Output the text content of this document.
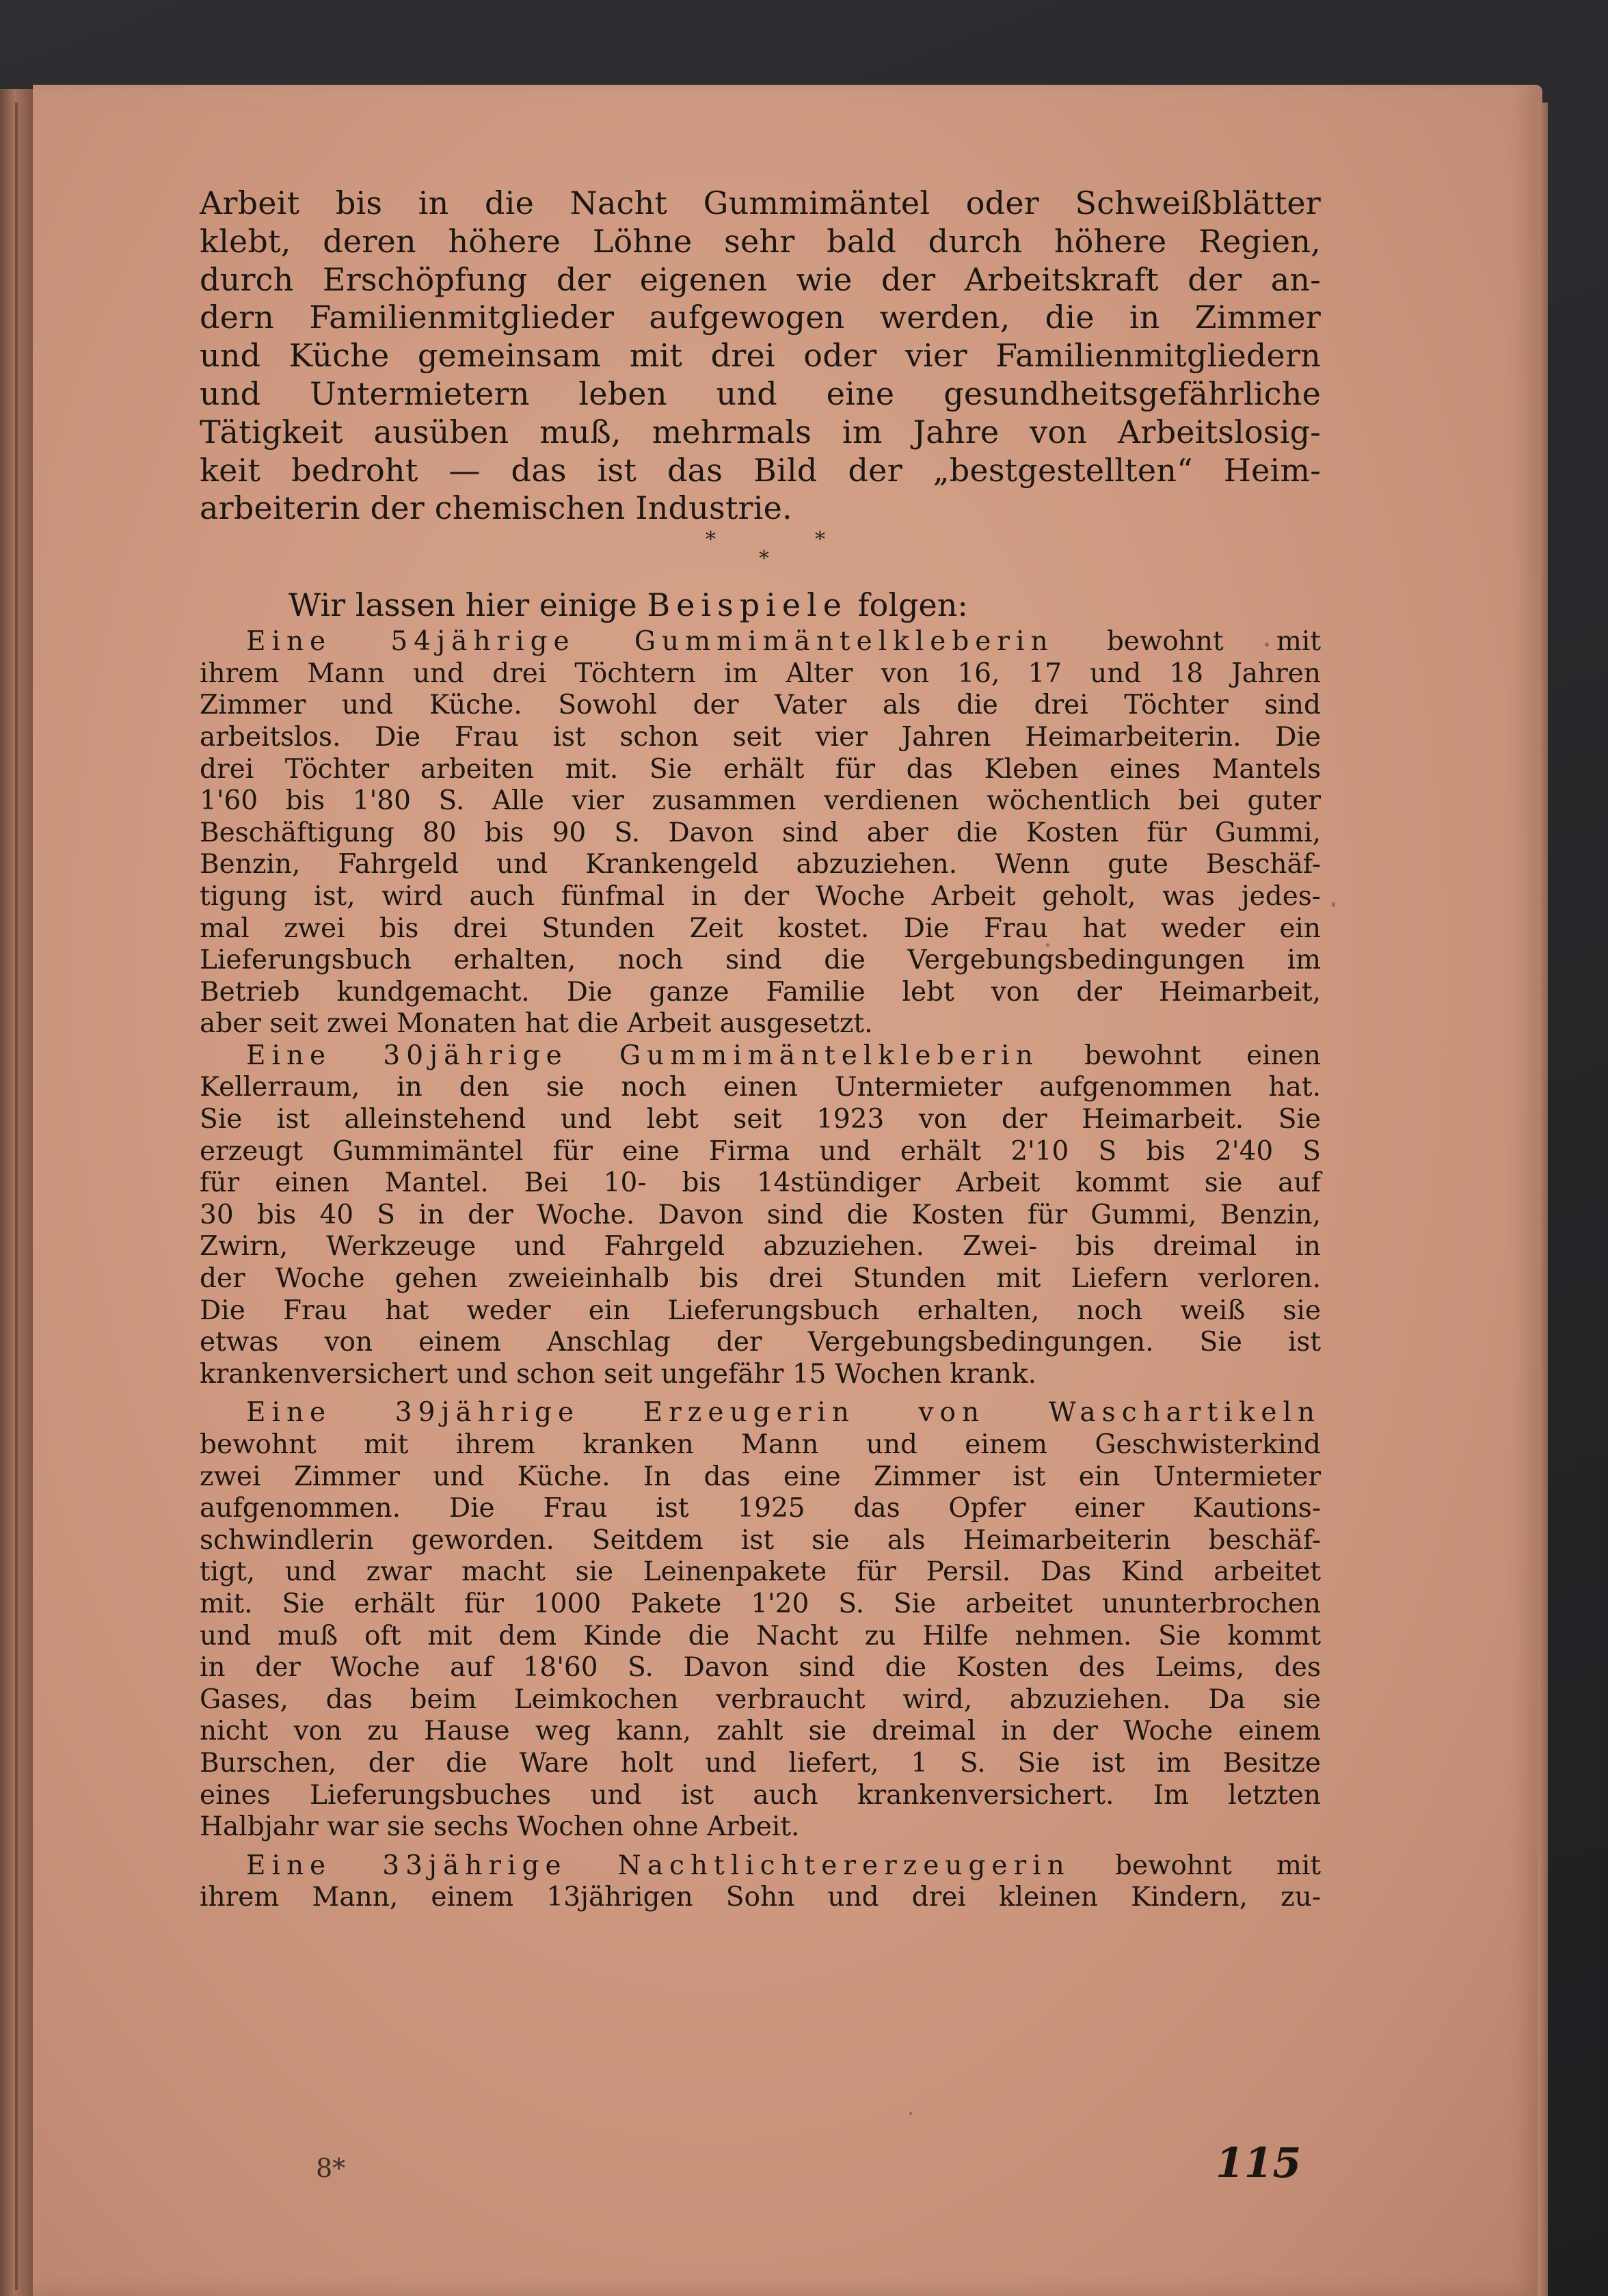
Arbeit bis in die Nacht Gummimäntel oder Schweißblätter

klebt, deren höhere Löhne sehr bald durch höhere Regien,

durch Erschöpfung der eigenen wie der Arbeitskraft der an-

dern Familienmitglieder aufgewogen werden, die in Zimmer

und Küche gemeinsam mit drei oder vier Familienmitgliedern

und Untermietern leben und eine gesundheitsgefährliche

Tätigkeit ausüben muß, mehrmals im Jahre von Arbeitslosig-

keit bedroht — das ist das Bild der „bestgestellten“ Heim-

arbeiterin der chemischen Industrie.

*	*
*

Wir lassen hier einige Beispiele folgen:

Eine 54jährige Gummimäntelkleberin bewohnt mit

ihrem Mann und drei Töchtern im Alter von 16, 17 und 18 Jahren

Zimmer und Küche. Sowohl der Vater als die drei Töchter sind

arbeitslos. Die Frau ist schon seit vier Jahren Heimarbeiterin. Die

drei Töchter arbeiten mit. Sie erhält für das Kleben eines Mantels

1'60 bis 1'80 S. Alle vier zusammen verdienen wöchentlich bei guter

Beschäftigung 80 bis 90 S. Davon sind aber die Kosten für Gummi,

Benzin, Fahrgeld und Krankengeld abzuziehen. Wenn gute Beschäf-

tigung ist, wird auch fünfmal in der Woche Arbeit geholt, was jedes-

mal zwei bis drei Stunden Zeit kostet. Die Frau hat weder ein

Lieferungsbuch erhalten, noch sind die Vergebungsbedingungen im

Betrieb kundgemacht. Die ganze Familie lebt von der Heimarbeit,

aber seit zwei Monaten hat die Arbeit ausgesetzt.

Eine 30jährige Gummimäntelkleberin bewohnt einen

Kellerraum, in den sie noch einen Untermieter aufgenommen hat.

Sie ist alleinstehend und lebt seit 1923 von der Heimarbeit. Sie

erzeugt Gummimäntel für eine Firma und erhält 2'10 S bis 2'40 S

für einen Mantel. Bei 10- bis 14stündiger Arbeit kommt sie auf

30 bis 40 S in der Woche. Davon sind die Kosten für Gummi, Benzin,

Zwirn, Werkzeuge und Fahrgeld abzuziehen. Zwei- bis dreimal in

der Woche gehen zweieinhalb bis drei Stunden mit Liefern verloren.

Die Frau hat weder ein Lieferungsbuch erhalten, noch weiß sie

etwas von einem Anschlag der Vergebungsbedingungen. Sie ist

krankenversichert und schon seit ungefähr 15 Wochen krank.

Eine 39jährige Erzeugerin von Waschartikeln

bewohnt mit ihrem kranken Mann und einem Geschwisterkind

zwei Zimmer und Küche. In das eine Zimmer ist ein Untermieter

aufgenommen. Die Frau ist 1925 das Opfer einer Kautions-

schwindlerin geworden. Seitdem ist sie als Heimarbeiterin beschäf-

tigt, und zwar macht sie Leinenpakete für Persil. Das Kind arbeitet

mit. Sie erhält für 1000 Pakete 1'20 S. Sie arbeitet ununterbrochen

und muß oft mit dem Kinde die Nacht zu Hilfe nehmen. Sie kommt

in der Woche auf 18'60 S. Davon sind die Kosten des Leims, des

Gases, das beim Leimkochen verbraucht wird, abzuziehen. Da sie

nicht von zu Hause weg kann, zahlt sie dreimal in der Woche einem

Burschen, der die Ware holt und liefert, 1 S. Sie ist im Besitze

eines Lieferungsbuches und ist auch krankenversichert. Im letzten

Halbjahr war sie sechs Wochen ohne Arbeit.

Eine 33jährige Nachtlichtererzeugerin bewohnt mit

ihrem Mann, einem 13jährigen Sohn und drei kleinen Kindern, zu-

8*	115
